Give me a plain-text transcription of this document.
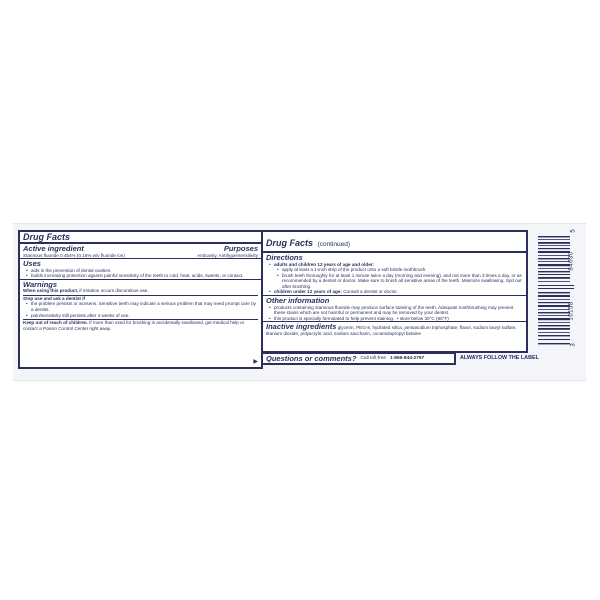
Drug Facts
Active ingredient	Purposes
Stannous fluoride 0.454% (0.15% w/v fluoride ion)	Anticavity, Antihypersensitivity
Uses
• aids in the prevention of dental cavities.
• builds increasing protection against painful sensitivity of the teeth to cold, heat, acids, sweets, or contact.
Warnings
When using this product, if irritation occurs discontinue use.
Stop use and ask a dentist if
• the problem persists or worsens. Sensitive teeth may indicate a serious problem that may need prompt care by a dentist.
• pain/sensitivity still persists after 4 weeks of use.
Keep out of reach of children. If more than used for brushing is accidentally swallowed, get medical help or contact a Poison Control Center right away.
▶
Drug Facts (continued)
Directions
• adults and children 12 years of age and older:
• apply at least a 1-inch strip of the product onto a soft bristle toothbrush.
• brush teeth thoroughly for at least 1 minute twice a day (morning and evening), and not more than 3 times a day, or as recommended by a dentist or doctor. Make sure to brush all sensitive areas of the teeth. Minimize swallowing. Spit out after brushing.
• children under 12 years of age: Consult a dentist or doctor.
Other information
• products containing stannous fluoride may produce surface staining of the teeth. Adequate toothbrushing may prevent these stains which are not harmful or permanent and may be removed by your dentist.
• this product is specially formulated to help prevent staining.  • store below 30°C (86°F)
Inactive ingredients glycerin, PEG-8, hydrated silica, pentasodium triphosphate, flavor, sodium lauryl sulfate, titanium dioxide, polyacrylic acid, sodium saccharin, cocamidopropyl betaine
Questions or comments? Call toll-free 1-866-844-2797	ALWAYS FOLLOW THE LABEL
3
10158
84030
5
